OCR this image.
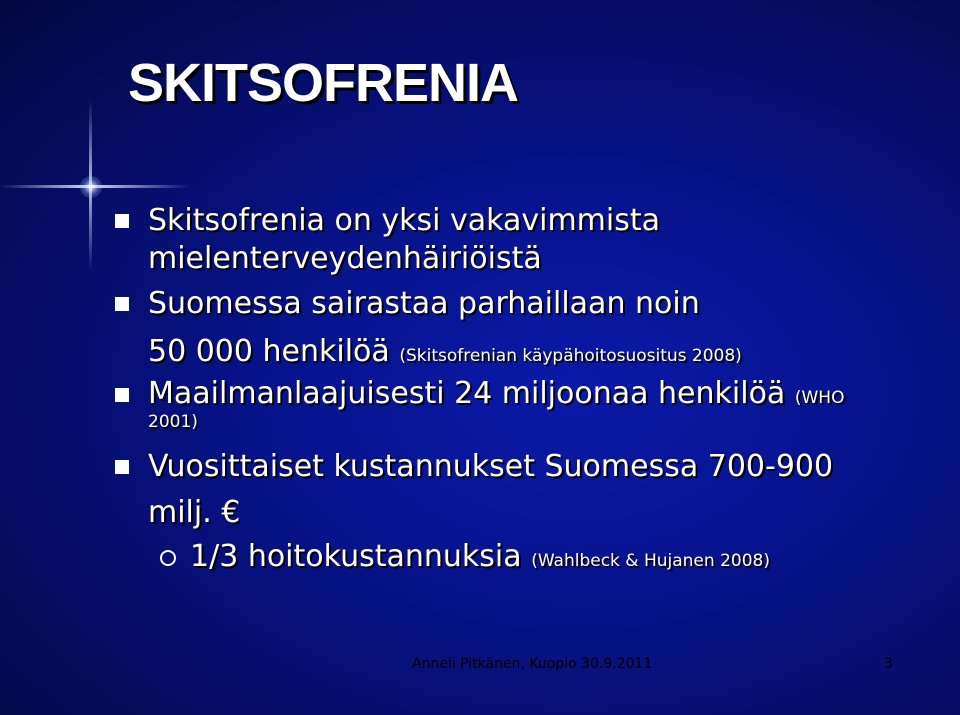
SKITSOFRENIA
Skitsofrenia on yksi vakavimmista
mielenterveydenhäiriöistä
Suomessa sairastaa parhaillaan noin
50 000 henkilöä (Skitsofrenian käypähoitosuositus 2008)
Maailmanlaajuisesti 24 miljoonaa henkilöä (WHO
2001)
Vuosittaiset kustannukset Suomessa 700-900
milj. €
1/3 hoitokustannuksia (Wahlbeck & Hujanen 2008)
Anneli Pitkänen, Kuopio 30.9.2011	3
